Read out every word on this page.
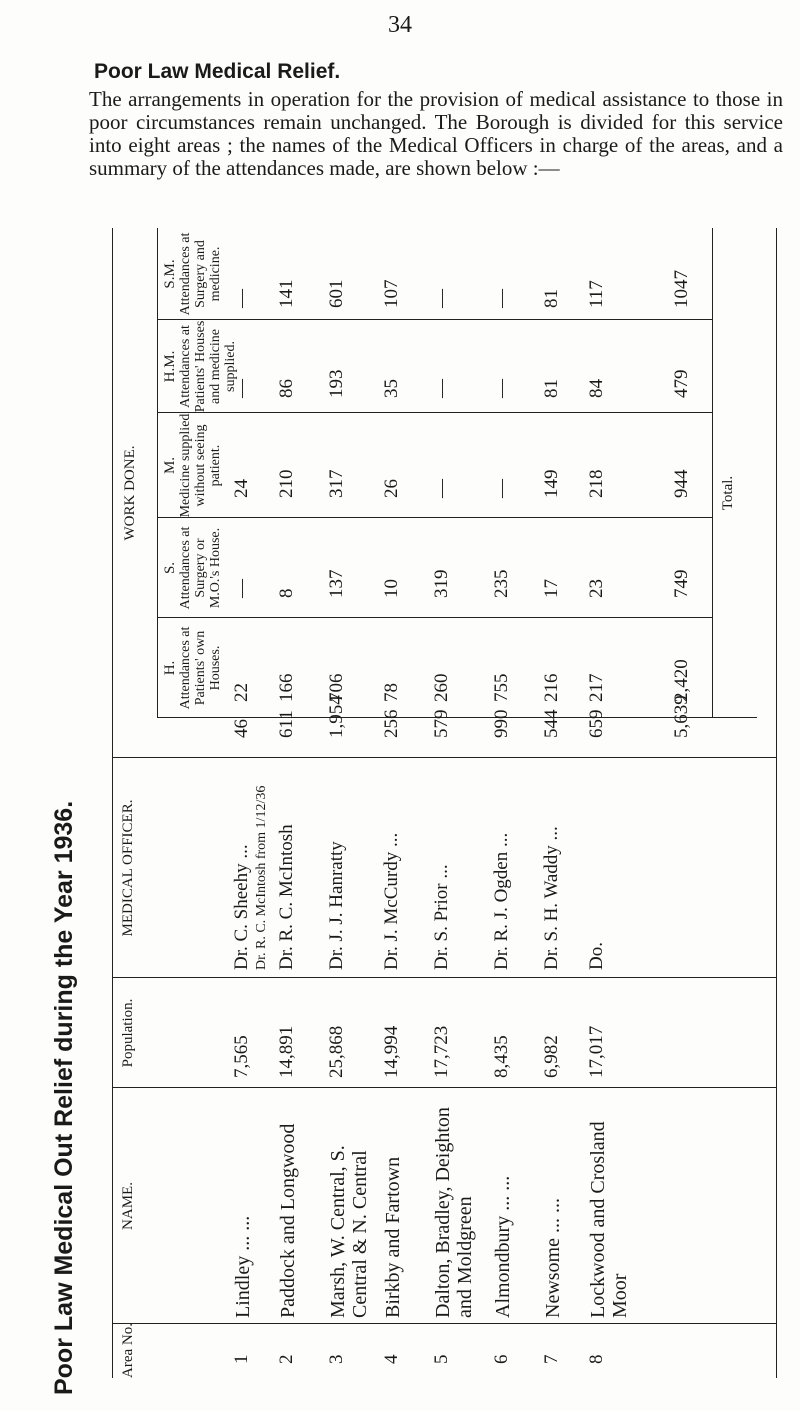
34
Poor Law Medical Relief.
The arrangements in operation for the provision of medical assistance to those in poor circumstances remain unchanged. The Borough is divided for this service into eight areas ; the names of the Medical Officers in charge of the areas, and a summary of the attendances made, are shown below :—
Poor Law Medical Out Relief during the Year 1936.	Area No.
NAME.
Population.
MEDICAL OFFICER.
WORK DONE.
H. Attendances at Patients' own Houses.
S. Attendances at Surgery or M.O.'s House.
M. Medicine supplied without seeing patient.
H.M. Attendances at Patients' Houses and medicine supplied.
S.M. Attendances at Surgery and medicine.
Total.
1
Lindley ... ...
7,565
Dr. C. Sheehy ... Dr. R. C. McIntosh from 1/12/36
22
—
24
—
—
46
2
Paddock and Longwood
14,891
Dr. R. C. McIntosh
166
8
210
86
141
611
3
Marsh, W. Central, S. Central & N. Central
25,868
Dr. J. J. Hanratty
706
137
317
193
601
1,954
4
Birkby and Fartown
14,994
Dr. J. McCurdy ...
78
10
26
35
107
256
5
Dalton, Bradley, Deighton and Moldgreen
17,723
Dr. S. Prior ...
260
319
—
—
—
579
6
Almondbury ... ...
8,435
Dr. R. J. Ogden ...
755
235
—
—
—
990
7
Newsome ... ...
6,982
Dr. S. H. Waddy ...
216
17
149
81
81
544
8
Lockwood and Crosland Moor
17,017
Do.
217
23
218
84
117
659
2,420
749
944
479
1047
5,639
